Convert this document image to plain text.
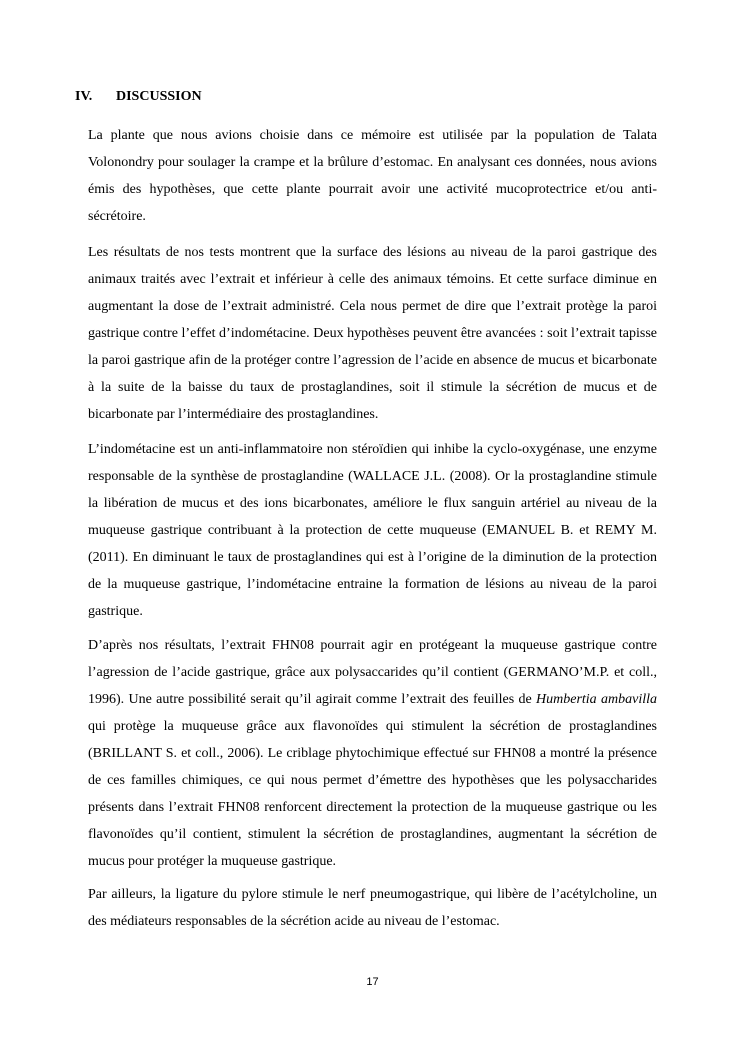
IV. DISCUSSION

La plante que nous avions choisie dans ce mémoire est utilisée par la population de Talata Volonondry pour soulager la crampe et la brûlure d’estomac. En analysant ces données, nous avions émis des hypothèses, que cette plante pourrait avoir une activité mucoprotectrice et/ou anti-sécrétoire.

Les résultats de nos tests montrent que la surface des lésions au niveau de la paroi gastrique des animaux traités avec l’extrait et inférieur à celle des animaux témoins. Et cette surface diminue en augmentant la dose de l’extrait administré. Cela nous permet de dire que l’extrait protège la paroi gastrique contre l’effet d’indométacine. Deux hypothèses peuvent être avancées : soit l’extrait tapisse la paroi gastrique afin de la protéger contre l’agression de l’acide en absence de mucus et bicarbonate à la suite de la baisse du taux de prostaglandines, soit il stimule la sécrétion de mucus et de bicarbonate par l’intermédiaire des prostaglandines.

L’indométacine est un anti-inflammatoire non stéroïdien qui inhibe la cyclo-oxygénase, une enzyme responsable de la synthèse de prostaglandine (WALLACE J.L. (2008). Or la prostaglandine stimule la libération de mucus et des ions bicarbonates, améliore le flux sanguin artériel au niveau de la muqueuse gastrique contribuant à la protection de cette muqueuse (EMANUEL B. et REMY M. (2011). En diminuant le taux de prostaglandines qui est à l’origine de la diminution de la protection de la muqueuse gastrique, l’indométacine entraine la formation de lésions au niveau de la paroi gastrique.

D’après nos résultats, l’extrait FHN08 pourrait agir en protégeant la muqueuse gastrique contre l’agression de l’acide gastrique, grâce aux polysaccarides qu’il contient (GERMANO’M.P. et coll., 1996). Une autre possibilité serait qu’il agirait comme l’extrait des feuilles de Humbertia ambavilla qui protège la muqueuse grâce aux flavonoïdes qui stimulent la sécrétion de prostaglandines (BRILLANT S. et coll., 2006). Le criblage phytochimique effectué sur FHN08 a montré la présence de ces familles chimiques, ce qui nous permet d’émettre des hypothèses que les polysaccharides présents dans l’extrait FHN08 renforcent directement la protection de la muqueuse gastrique ou les flavonoïdes qu’il contient, stimulent la sécrétion de prostaglandines, augmentant la sécrétion de mucus pour protéger la muqueuse gastrique.

Par ailleurs, la ligature du pylore stimule le nerf pneumogastrique, qui libère de l’acétylcholine, un des médiateurs responsables de la sécrétion acide au niveau de l’estomac.

17
